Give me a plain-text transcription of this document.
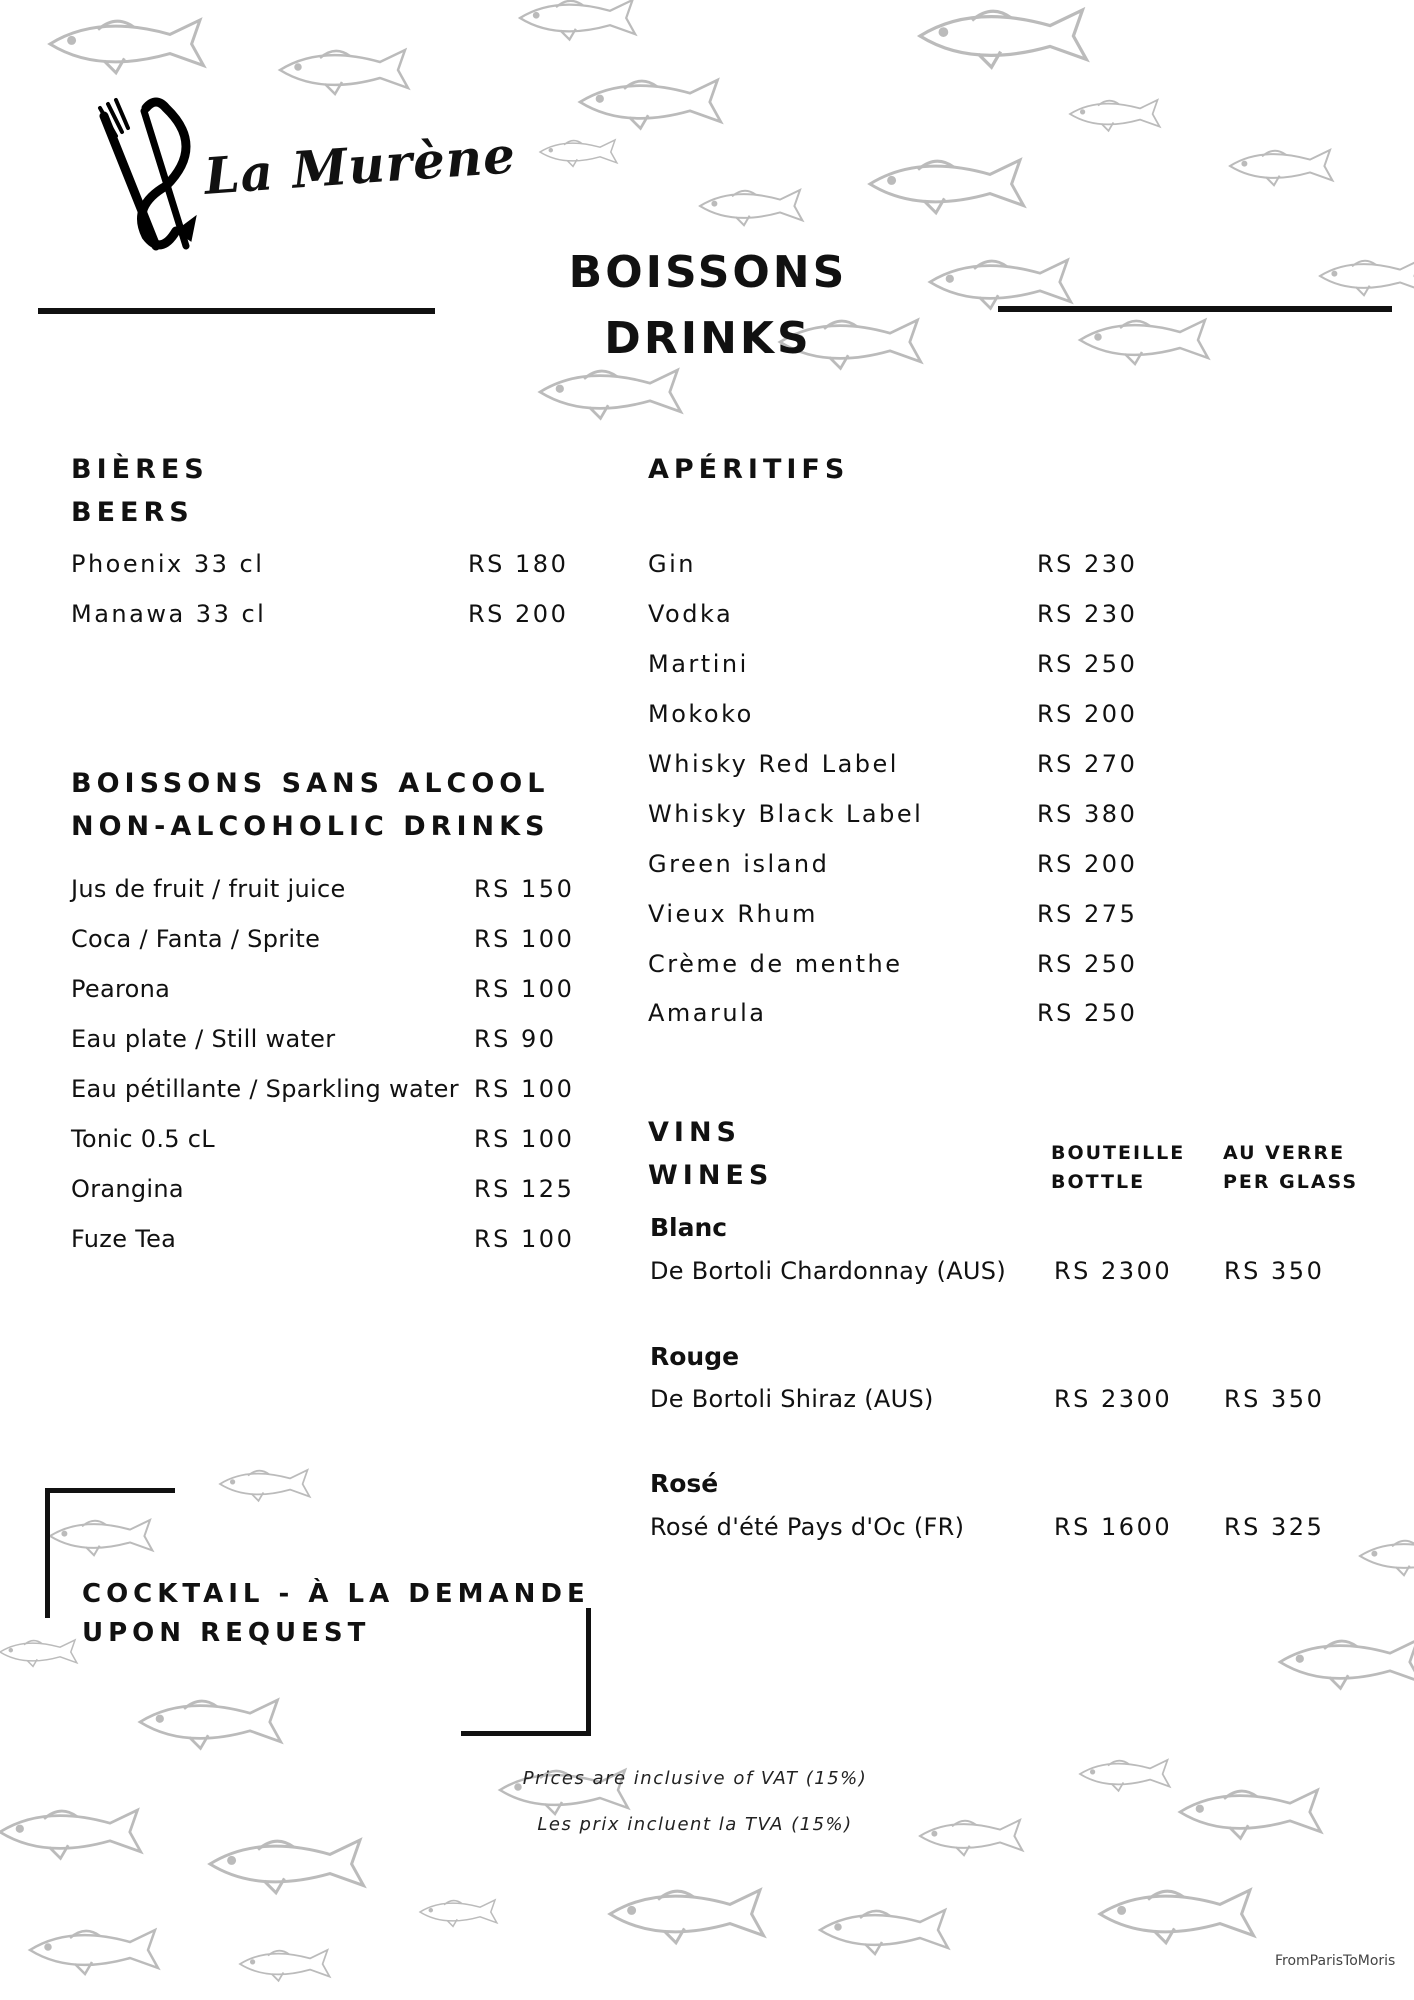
La Murène
BOISSONS
DRINKS
BIÈRES
BEERS
Phoenix 33 cl	RS 180
Manawa 33 cl	RS 200
BOISSONS SANS ALCOOL
NON-ALCOHOLIC DRINKS
Jus de fruit / fruit juice	RS 150
Coca / Fanta / Sprite	RS 100
Pearona	RS 100
Eau plate / Still water	RS 90
Eau pétillante / Sparkling water RS 100
Tonic 0.5 cL	RS 100
Orangina	RS 125
Fuze Tea	RS 100
APÉRITIFS
Gin	RS 230
Vodka	RS 230
Martini	RS 250
Mokoko	RS 200
Whisky Red Label	RS 270
Whisky Black Label	RS 380
Green island	RS 200
Vieux Rhum	RS 275
Crème de menthe	RS 250
Amarula	RS 250
VINS
WINES
BOUTEILLE
BOTTLE
AU VERRE
PER GLASS
Blanc
De Bortoli Chardonnay (AUS) RS 2300 RS 350
Rouge
De Bortoli Shiraz (AUS)	RS 2300 RS 350
Rosé
Rosé d'été Pays d'Oc (FR)	RS 1600 RS 325
COCKTAIL - À LA DEMANDE
UPON REQUEST
Prices are inclusive of VAT (15%)
Les prix incluent la TVA (15%)
FromParisToMoris
